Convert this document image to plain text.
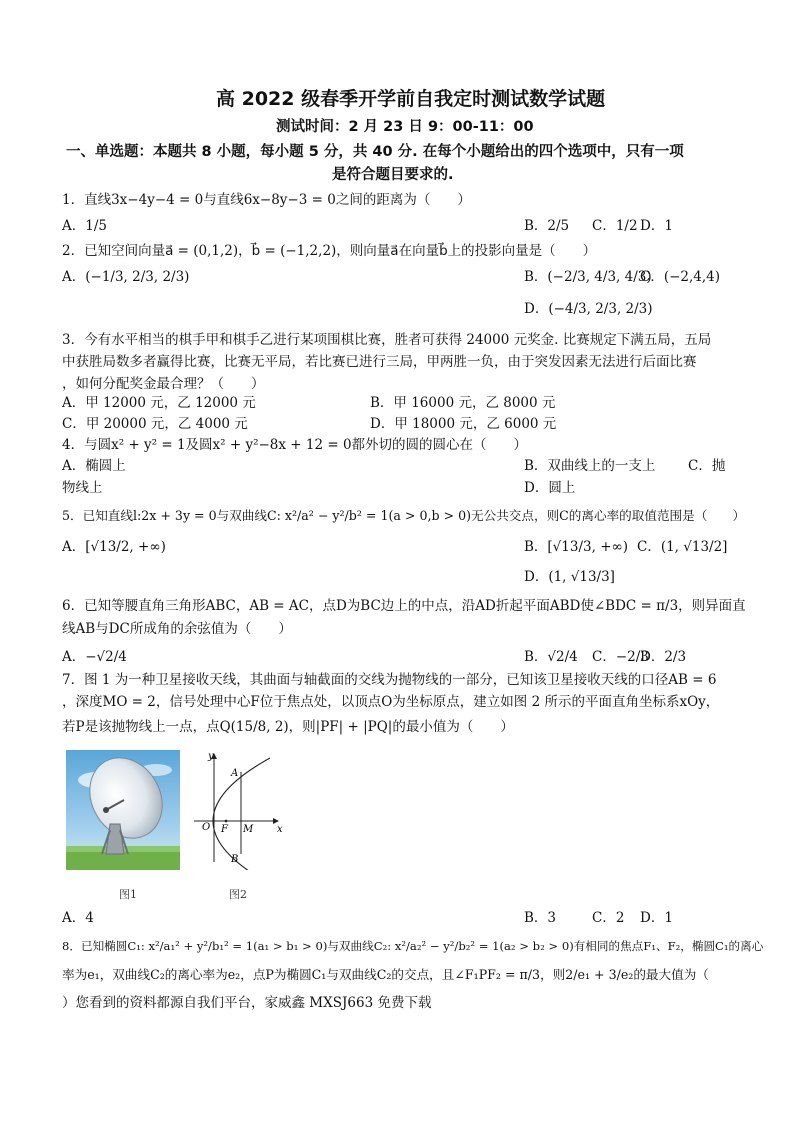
高 2022 级春季开学前自我定时测试数学试题
测试时间：2 月 23 日 9：00-11：00
一、单选题：本题共 8 小题，每小题 5 分，共 40 分. 在每个小题给出的四个选项中，只有一项
是符合题目要求的.
1．直线3x−4y−4 = 0与直线6x−8y−3 = 0之间的距离为（　　）
A．1/5	B．2/5 C．1/2 D．1
2．已知空间向量a⃗ = (0,1,2)，b⃗ = (−1,2,2)，则向量a⃗在向量b⃗上的投影向量是（　　）
A．(−1/3, 2/3, 2/3)	B．(−2/3, 4/3, 4/3)
C．(−2,4,4)
D．(−4/3, 2/3, 2/3)
3．今有水平相当的棋手甲和棋手乙进行某项围棋比赛，胜者可获得 24000 元奖金. 比赛规定下满五局，五局
中获胜局数多者赢得比赛，比赛无平局，若比赛已进行三局，甲两胜一负，由于突发因素无法进行后面比赛
，如何分配奖金最合理？（　　）
A．甲 12000 元，乙 12000 元	B．甲 16000 元，乙 8000 元
C．甲 20000 元，乙 4000 元	D．甲 18000 元，乙 6000 元
4．与圆x² + y² = 1及圆x² + y²−8x + 12 = 0都外切的圆的圆心在（　　）
A．椭圆上	B．双曲线上的一支上 C．抛
物线上	D．圆上
5．已知直线l:2x + 3y = 0与双曲线C: x²/a² − y²/b² = 1(a > 0,b > 0)无公共交点，则C的离心率的取值范围是（　　）
A．[√13/2, +∞)	B．[√13/3, +∞) C．(1, √13/2]
D．(1, √13/3]
6．已知等腰直角三角形ABC，AB = AC，点D为BC边上的中点，沿AD折起平面ABD使∠BDC = π/3，则异面直
线AB与DC所成角的余弦值为（　　）
A．−√2/4	B．√2/4 C．−2/3
D．2/3
7．图 1 为一种卫星接收天线，其曲面与轴截面的交线为抛物线的一部分，已知该卫星接收天线的口径AB = 6
，深度MO = 2，信号处理中心F位于焦点处，以顶点O为坐标原点，建立如图 2 所示的平面直角坐标系xOy，
若P是该抛物线上一点，点Q(15/8, 2)，则|PF| + |PQ|的最小值为（　　）
y
x
A
B
O F M
图1	图2
A．4	B．3	C．2 D．1
8．已知椭圆C₁: x²/a₁² + y²/b₁² = 1(a₁ > b₁ > 0)与双曲线C₂: x²/a₂² − y²/b₂² = 1(a₂ > b₂ > 0)有相同的焦点F₁、F₂，椭圆C₁的离心
率为e₁，双曲线C₂的离心率为e₂，点P为椭圆C₁与双曲线C₂的交点，且∠F₁PF₂ = π/3，则2/e₁ + 3/e₂的最大值为（
）您看到的资料都源自我们平台，家威鑫 MXSJ663 免费下载
